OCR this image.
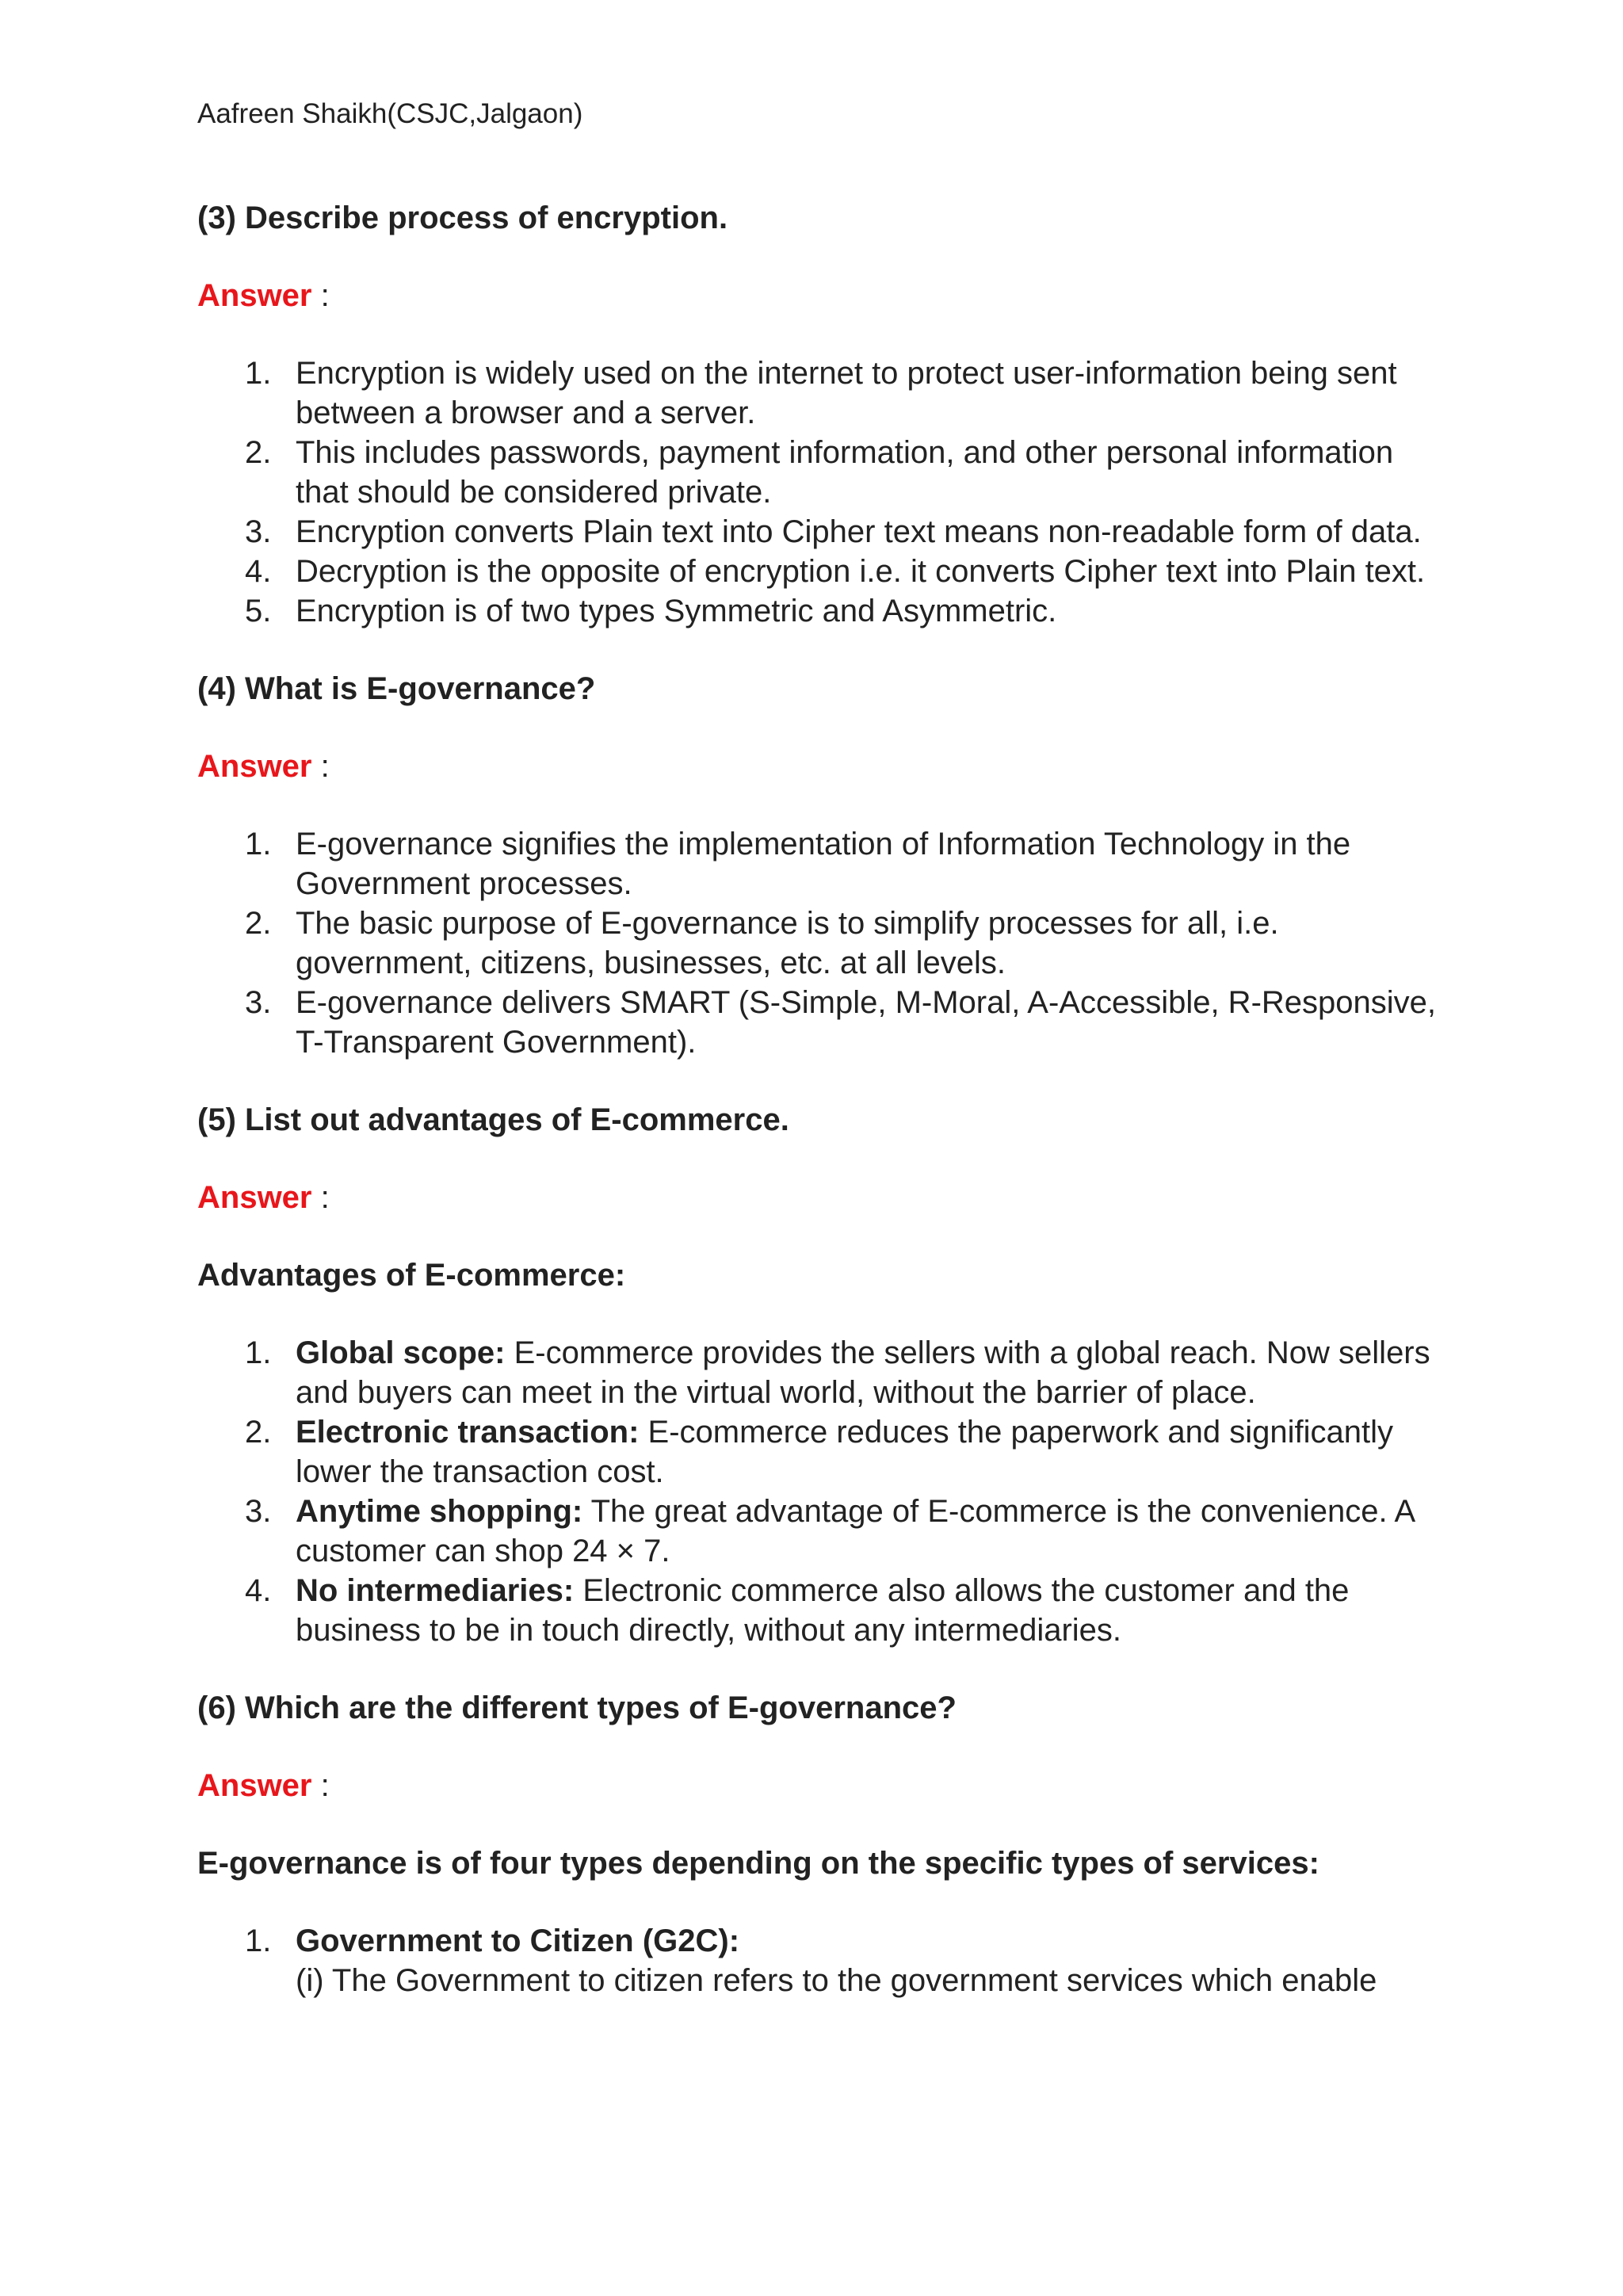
Aafreen Shaikh(CSJC,Jalgaon)

(3) Describe process of encryption.

Answer :
1. Encryption is widely used on the internet to protect user-information being sent between a browser and a server.
2. This includes passwords, payment information, and other personal information that should be considered private.
3. Encryption converts Plain text into Cipher text means non-readable form of data.
4. Decryption is the opposite of encryption i.e. it converts Cipher text into Plain text.
5. Encryption is of two types Symmetric and Asymmetric.

(4) What is E-governance?

Answer :
1. E-governance signifies the implementation of Information Technology in the Government processes.
2. The basic purpose of E-governance is to simplify processes for all, i.e. government, citizens, businesses, etc. at all levels.
3. E-governance delivers SMART (S-Simple, M-Moral, A-Accessible, R-Responsive, T-Transparent Government).

(5) List out advantages of E-commerce.

Answer :
Advantages of E-commerce:
1. Global scope: E-commerce provides the sellers with a global reach. Now sellers and buyers can meet in the virtual world, without the barrier of place.
2. Electronic transaction: E-commerce reduces the paperwork and significantly lower the transaction cost.
3. Anytime shopping: The great advantage of E-commerce is the convenience. A customer can shop 24 × 7.
4. No intermediaries: Electronic commerce also allows the customer and the business to be in touch directly, without any intermediaries.

(6) Which are the different types of E-governance?

Answer :
E-governance is of four types depending on the specific types of services:
1. Government to Citizen (G2C):
(i) The Government to citizen refers to the government services which enable
